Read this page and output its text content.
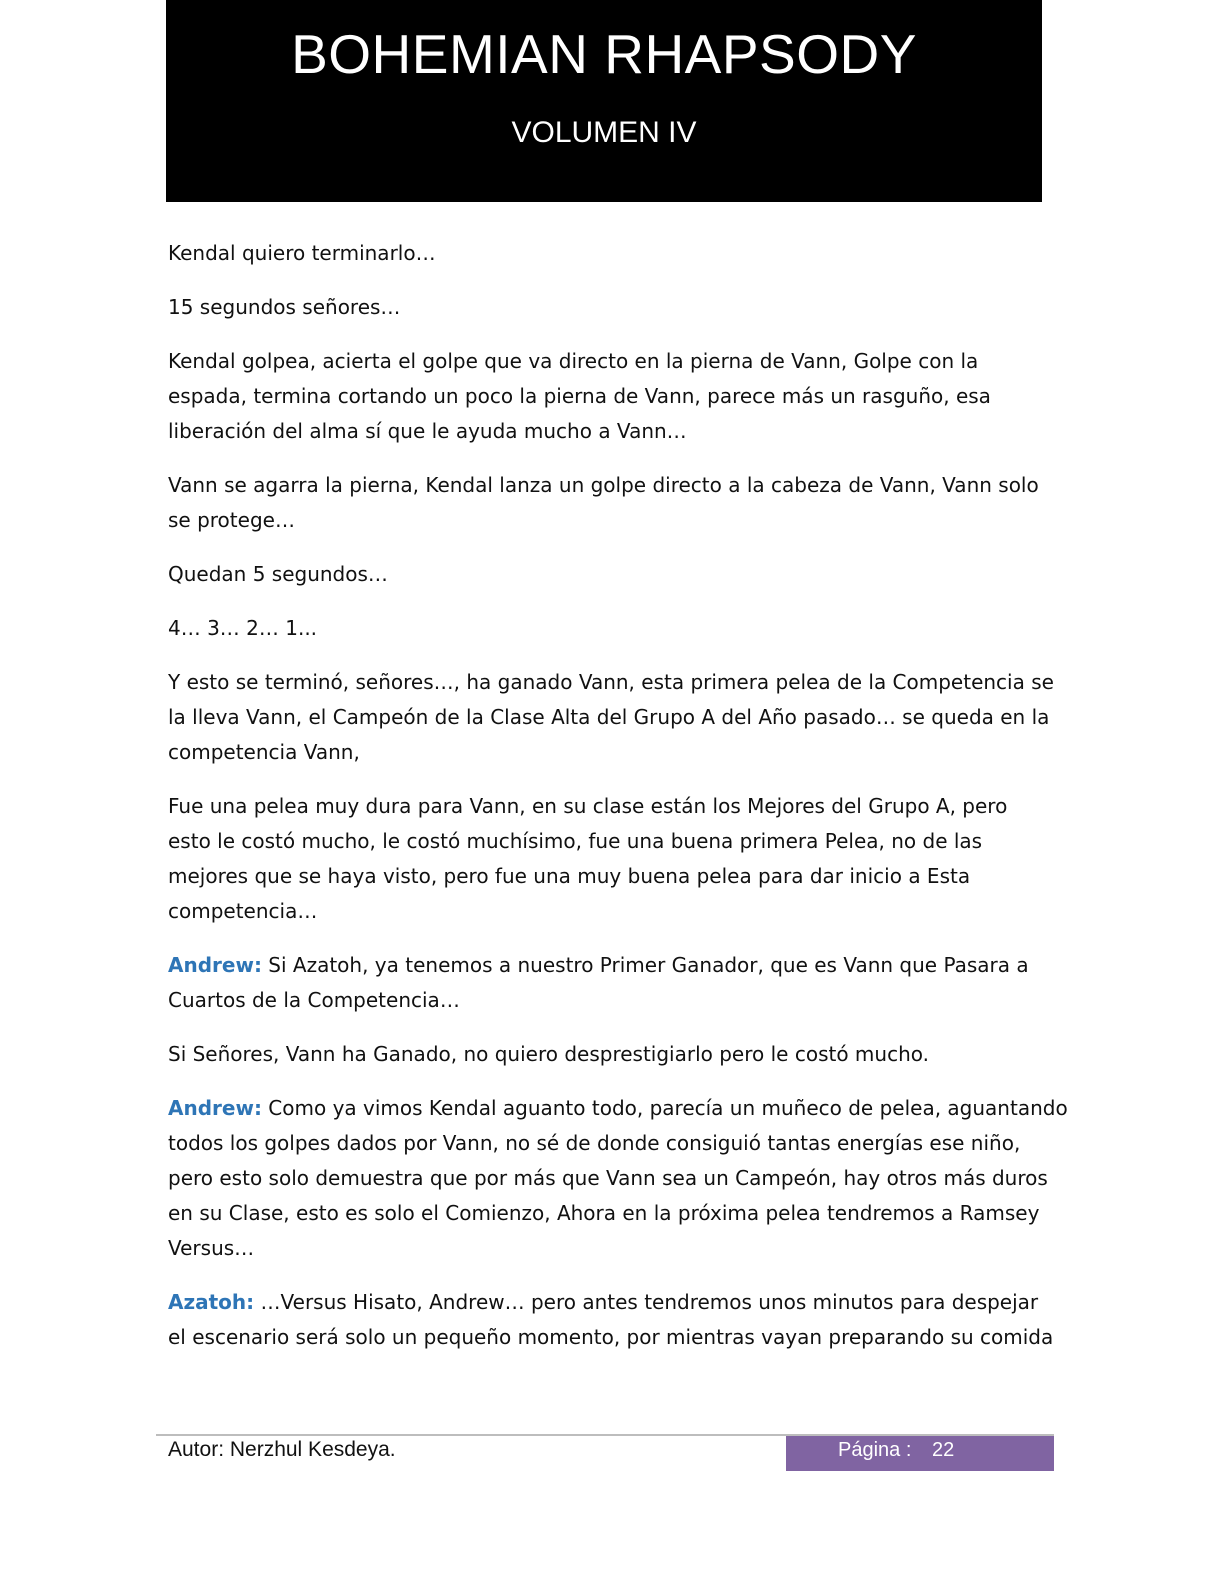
BOHEMIAN RHAPSODY
VOLUMEN IV

Kendal quiero terminarlo…

15 segundos señores…

Kendal golpea, acierta el golpe que va directo en la pierna de Vann, Golpe con la
espada, termina cortando un poco la pierna de Vann, parece más un rasguño, esa
liberación del alma sí que le ayuda mucho a Vann…

Vann se agarra la pierna, Kendal lanza un golpe directo a la cabeza de Vann, Vann solo
se protege…

Quedan 5 segundos…

4… 3… 2… 1...

Y esto se terminó, señores…, ha ganado Vann, esta primera pelea de la Competencia se
la lleva Vann, el Campeón de la Clase Alta del Grupo A del Año pasado… se queda en la
competencia Vann,

Fue una pelea muy dura para Vann, en su clase están los Mejores del Grupo A, pero
esto le costó mucho, le costó muchísimo, fue una buena primera Pelea, no de las
mejores que se haya visto, pero fue una muy buena pelea para dar inicio a Esta
competencia…

Andrew: Si Azatoh, ya tenemos a nuestro Primer Ganador, que es Vann que Pasara a
Cuartos de la Competencia…

Si Señores, Vann ha Ganado, no quiero desprestigiarlo pero le costó mucho.

Andrew: Como ya vimos Kendal aguanto todo, parecía un muñeco de pelea, aguantando
todos los golpes dados por Vann, no sé de donde consiguió tantas energías ese niño,
pero esto solo demuestra que por más que Vann sea un Campeón, hay otros más duros
en su Clase, esto es solo el Comienzo, Ahora en la próxima pelea tendremos a Ramsey
Versus…

Azatoh: …Versus Hisato, Andrew… pero antes tendremos unos minutos para despejar
el escenario será solo un pequeño momento, por mientras vayan preparando su comida

Autor: Nerzhul Kesdeya.	Página : 22
